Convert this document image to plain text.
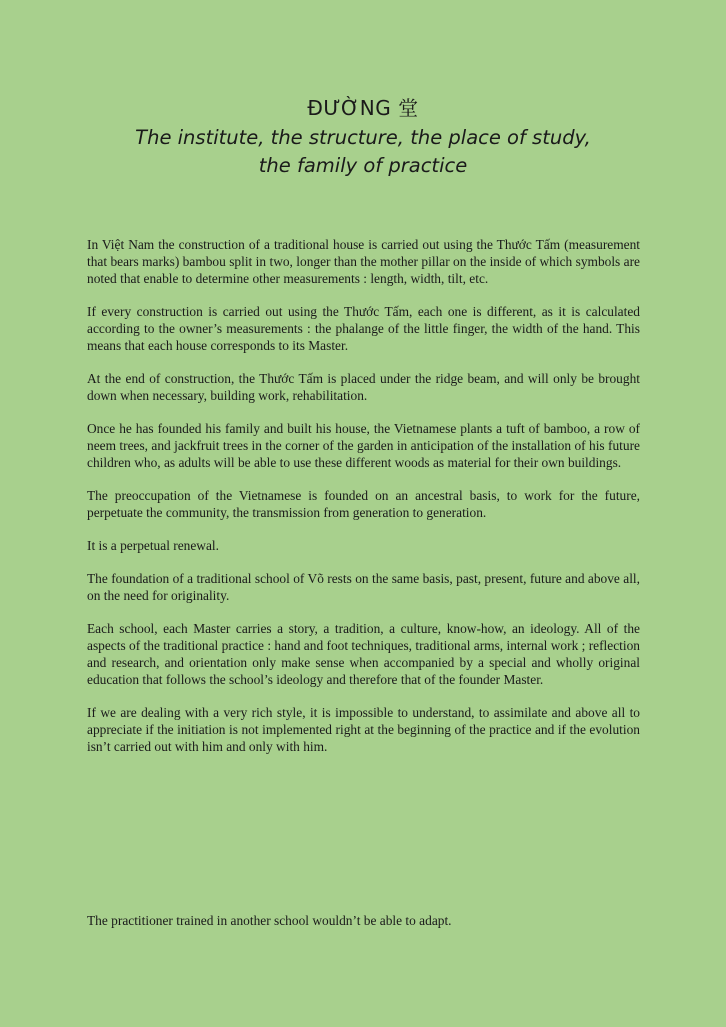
ĐƯỜNG 堂
The institute, the structure, the place of study,
the family of practice

In Việt Nam the construction of a traditional house is carried out using the Thước Tấm (measurement that bears marks) bambou split in two, longer than the mother pillar on the inside of which symbols are noted that enable to determine other measurements : length, width, tilt, etc.

If every construction is carried out using the Thước Tấm, each one is different, as it is calculated according to the owner’s measurements : the phalange of the little finger, the width of the hand. This means that each house corresponds to its Master.

At the end of construction, the Thước Tấm is placed under the ridge beam, and will only be brought down when necessary, building work, rehabilitation.

Once he has founded his family and built his house, the Vietnamese plants a tuft of bamboo, a row of neem trees, and jackfruit trees in the corner of the garden in anticipation of the installation of his future children who, as adults will be able to use these different woods as material for their own buildings.

The preoccupation of the Vietnamese is founded on an ancestral basis, to work for the future, perpetuate the community, the transmission from generation to generation.

It is a perpetual renewal.

The foundation of a traditional school of Võ rests on the same basis, past, present, future and above all, on the need for originality.

Each school, each Master carries a story, a tradition, a culture, know-how, an ideology. All of the aspects of the traditional practice : hand and foot techniques, traditional arms, internal work ; reflection and research, and orientation only make sense when accompanied by a special and wholly original education that follows the school’s ideology and therefore that of the founder Master.

If we are dealing with a very rich style, it is impossible to understand, to assimilate and above all to appreciate if the initiation is not implemented right at the beginning of the practice and if the evolution isn’t carried out with him and only with him.

The practitioner trained in another school wouldn’t be able to adapt.
